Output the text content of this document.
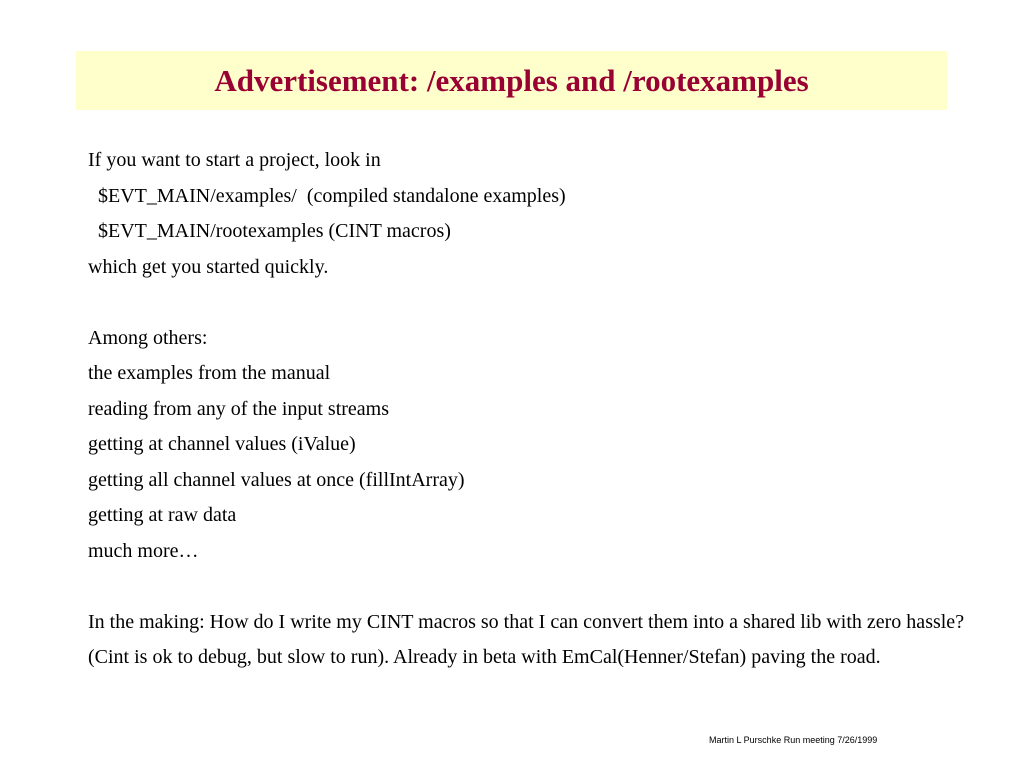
Advertisement: /examples and /rootexamples
If you want to start a project, look in
$EVT_MAIN/examples/  (compiled standalone examples)
$EVT_MAIN/rootexamples (CINT macros)
which get you started quickly.
Among others:
the examples from the manual
reading from any of the input streams
getting at channel values (iValue)
getting all channel values at once (fillIntArray)
getting at raw data
much more…
In the making: How do I write my CINT macros so that I can convert them into a shared lib with zero hassle? (Cint is ok to debug, but slow to run). Already in beta with EmCal(Henner/Stefan) paving the road.
Martin L Purschke Run meeting 7/26/1999
